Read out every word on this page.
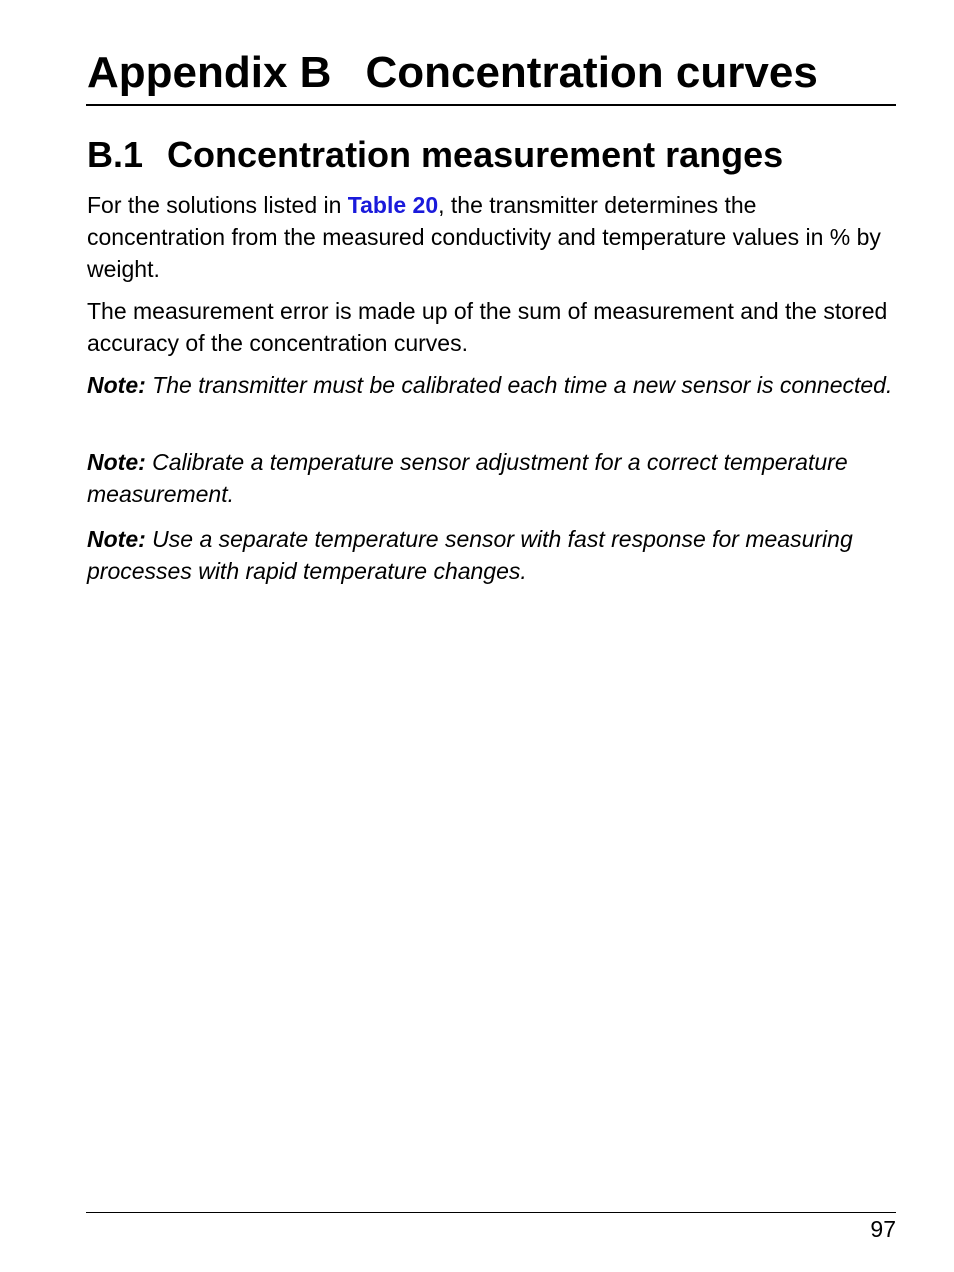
Appendix B Concentration curves
B.1 Concentration measurement ranges

For the solutions listed in Table 20, the transmitter determines the concentration from the measured conductivity and temperature values in % by weight.

The measurement error is made up of the sum of measurement and the stored accuracy of the concentration curves.

Note: The transmitter must be calibrated each time a new sensor is connected.

Note: Calibrate a temperature sensor adjustment for a correct temperature measurement.

Note: Use a separate temperature sensor with fast response for measuring processes with rapid temperature changes.

97
